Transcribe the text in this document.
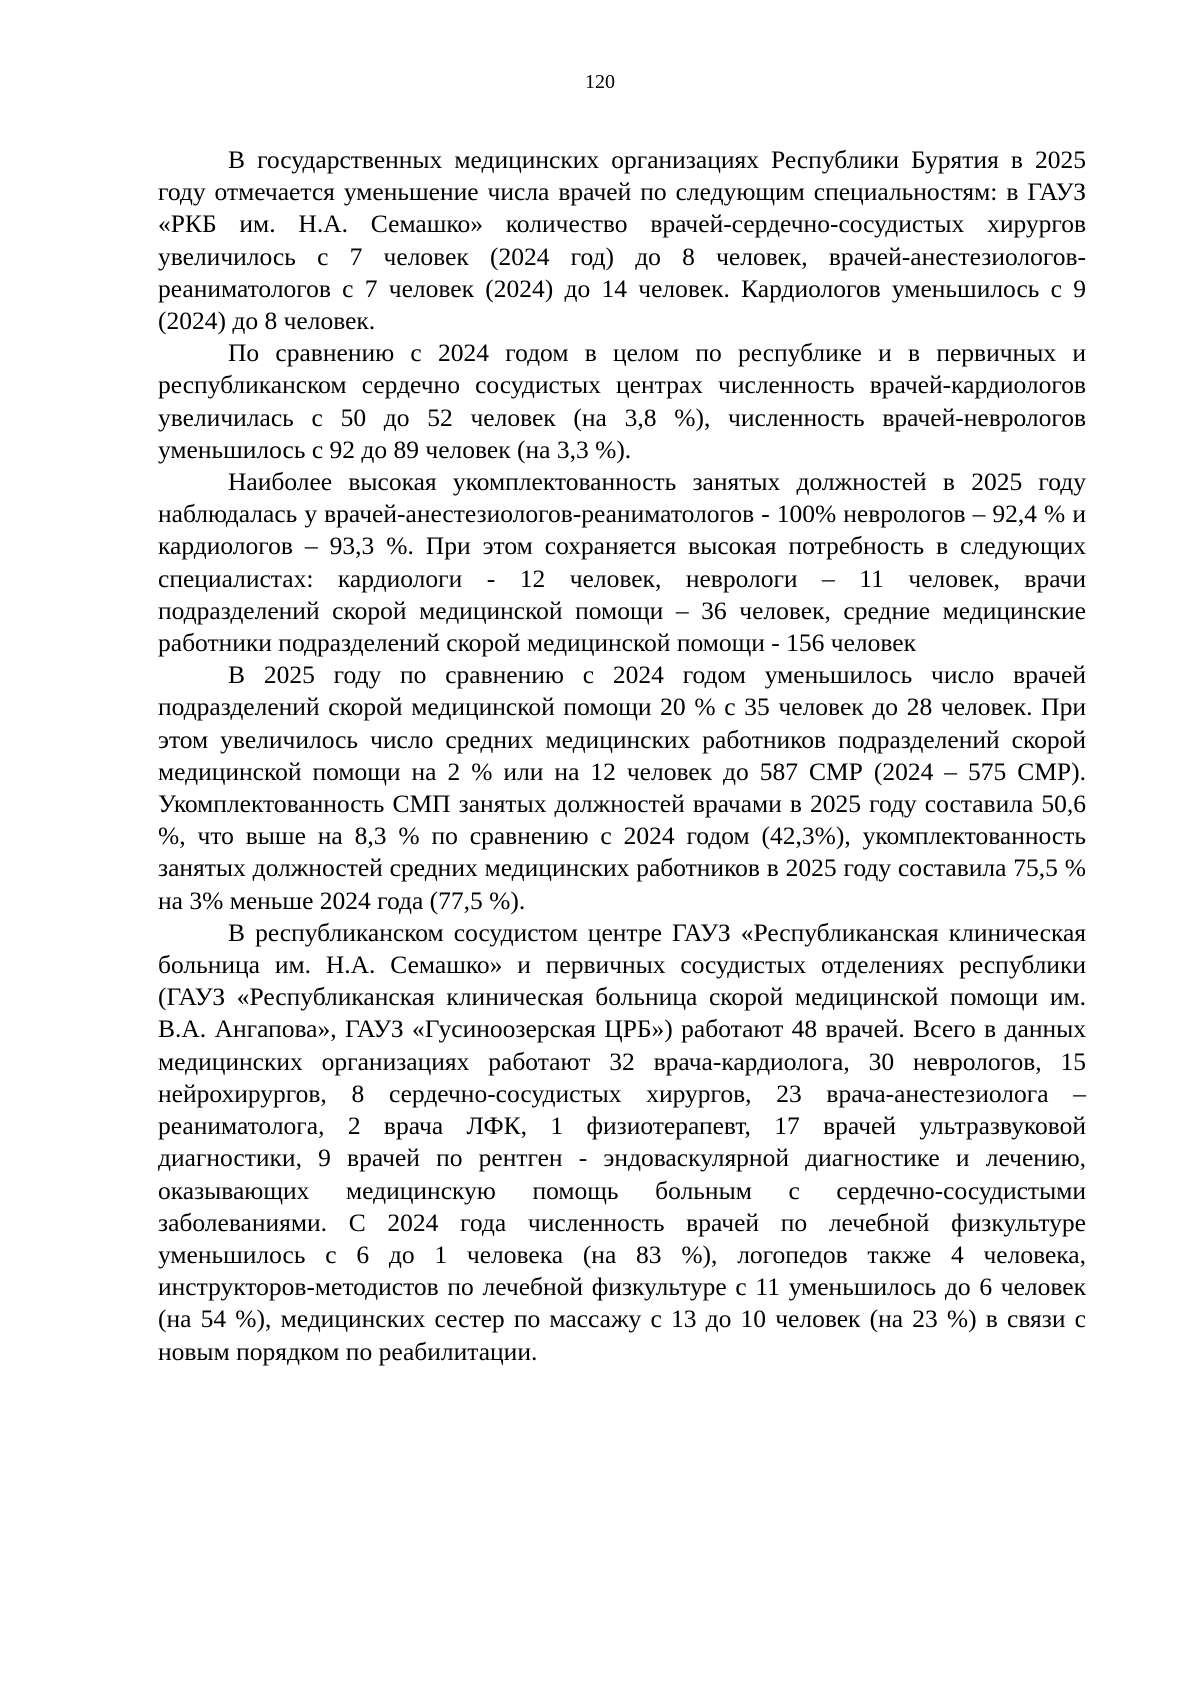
120

В государственных медицинских организациях Республики Бурятия в 2025 году отмечается уменьшение числа врачей по следующим специальностям: в ГАУЗ «РКБ им. Н.А. Семашко» количество врачей-сердечно-сосудистых хирургов увеличилось с 7 человек (2024 год) до 8 человек, врачей-анестезиологов-реаниматологов с 7 человек (2024) до 14 человек. Кардиологов уменьшилось с 9 (2024) до 8 человек.

По сравнению с 2024 годом в целом по республике и в первичных и республиканском сердечно сосудистых центрах численность врачей-кардиологов увеличилась с 50 до 52 человек (на 3,8 %), численность врачей-неврологов уменьшилось с 92 до 89 человек (на 3,3 %).

Наиболее высокая укомплектованность занятых должностей в 2025 году наблюдалась у врачей-анестезиологов-реаниматологов - 100% неврологов – 92,4 % и кардиологов – 93,3 %. При этом сохраняется высокая потребность в следующих специалистах: кардиологи - 12 человек, неврологи – 11 человек, врачи подразделений скорой медицинской помощи – 36 человек, средние медицинские работники подразделений скорой медицинской помощи - 156 человек

В 2025 году по сравнению с 2024 годом уменьшилось число врачей подразделений скорой медицинской помощи 20 % с 35 человек до 28 человек. При этом увеличилось число средних медицинских работников подразделений скорой медицинской помощи на 2 % или на 12 человек до 587 СМР (2024 – 575 СМР). Укомплектованность СМП занятых должностей врачами в 2025 году составила 50,6 %, что выше на 8,3 % по сравнению с 2024 годом (42,3%), укомплектованность занятых должностей средних медицинских работников в 2025 году составила 75,5 % на 3% меньше 2024 года (77,5 %).

В республиканском сосудистом центре ГАУЗ «Республиканская клиническая больница им. Н.А. Семашко» и первичных сосудистых отделениях республики (ГАУЗ «Республиканская клиническая больница скорой медицинской помощи им. В.А. Ангапова», ГАУЗ «Гусиноозерская ЦРБ») работают 48 врачей. Всего в данных медицинских организациях работают 32 врача-кардиолога, 30 неврологов, 15 нейрохирургов, 8 сердечно-сосудистых хирургов, 23 врача-анестезиолога – реаниматолога, 2 врача ЛФК, 1 физиотерапевт, 17 врачей ультразвуковой диагностики, 9 врачей по рентген - эндоваскулярной диагностике и лечению, оказывающих медицинскую помощь больным с сердечно-сосудистыми заболеваниями. С 2024 года численность врачей по лечебной физкультуре уменьшилось с 6 до 1 человека (на 83 %), логопедов также 4 человека, инструкторов-методистов по лечебной физкультуре с 11 уменьшилось до 6 человек (на 54 %), медицинских сестер по массажу с 13 до 10 человек (на 23 %) в связи с новым порядком по реабилитации.
